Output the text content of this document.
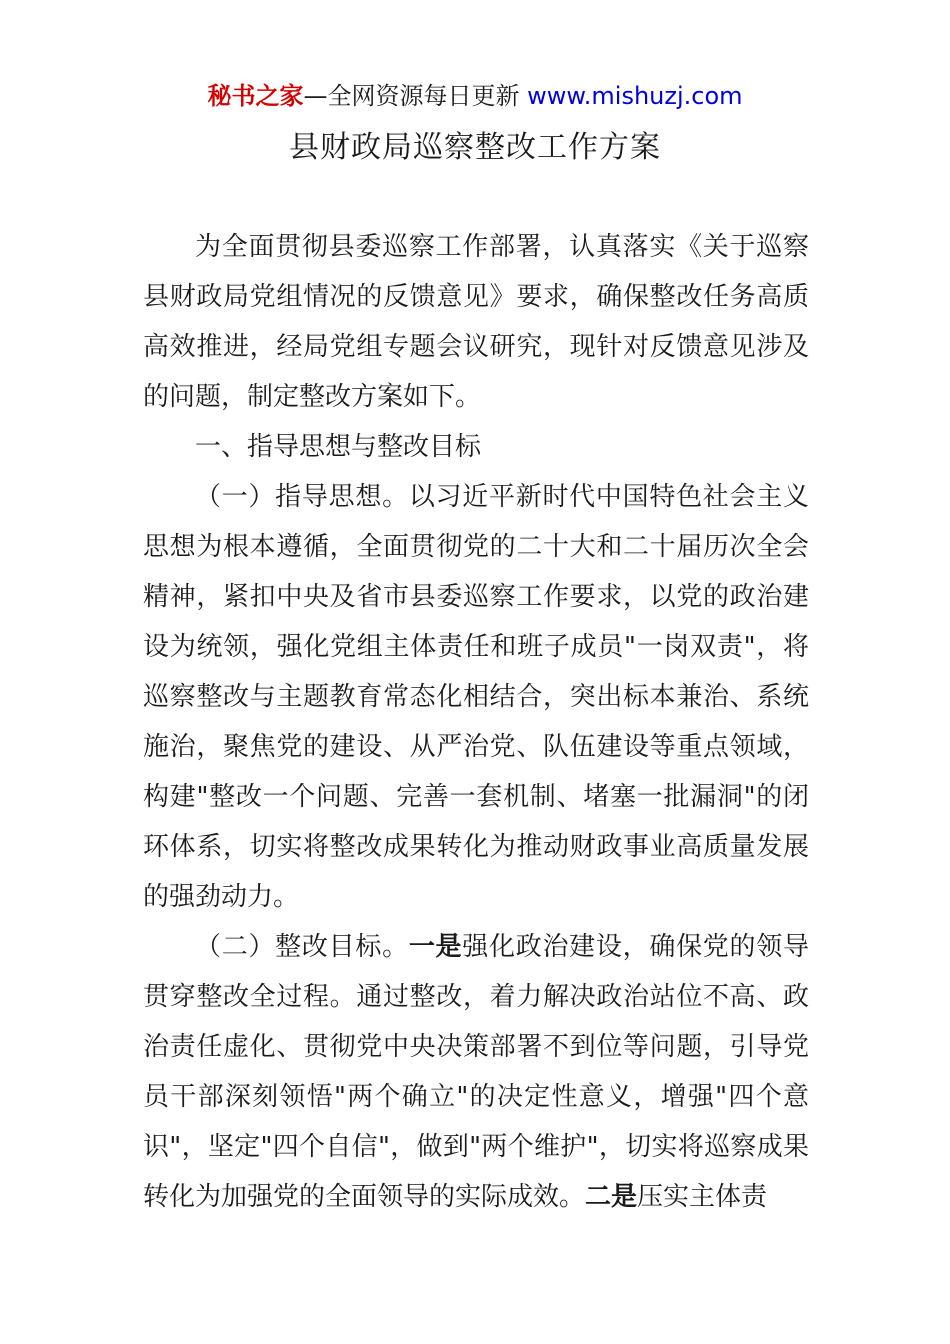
秘书之家—全网资源每日更新 www.mishuzj.com
县财政局巡察整改工作方案

为全面贯彻县委巡察工作部署，认真落实《关于巡察县财政局党组情况的反馈意见》要求，确保整改任务高质高效推进，经局党组专题会议研究，现针对反馈意见涉及的问题，制定整改方案如下。

一、指导思想与整改目标

（一）指导思想。以习近平新时代中国特色社会主义思想为根本遵循，全面贯彻党的二十大和二十届历次全会精神，紧扣中央及省市县委巡察工作要求，以党的政治建设为统领，强化党组主体责任和班子成员"一岗双责"，将巡察整改与主题教育常态化相结合，突出标本兼治、系统施治，聚焦党的建设、从严治党、队伍建设等重点领域，构建"整改一个问题、完善一套机制、堵塞一批漏洞"的闭环体系，切实将整改成果转化为推动财政事业高质量发展的强劲动力。

（二）整改目标。一是强化政治建设，确保党的领导贯穿整改全过程。通过整改，着力解决政治站位不高、政治责任虚化、贯彻党中央决策部署不到位等问题，引导党员干部深刻领悟"两个确立"的决定性意义，增强"四个意识"，坚定"四个自信"，做到"两个维护"，切实将巡察成果转化为加强党的全面领导的实际成效。二是压实主体责
